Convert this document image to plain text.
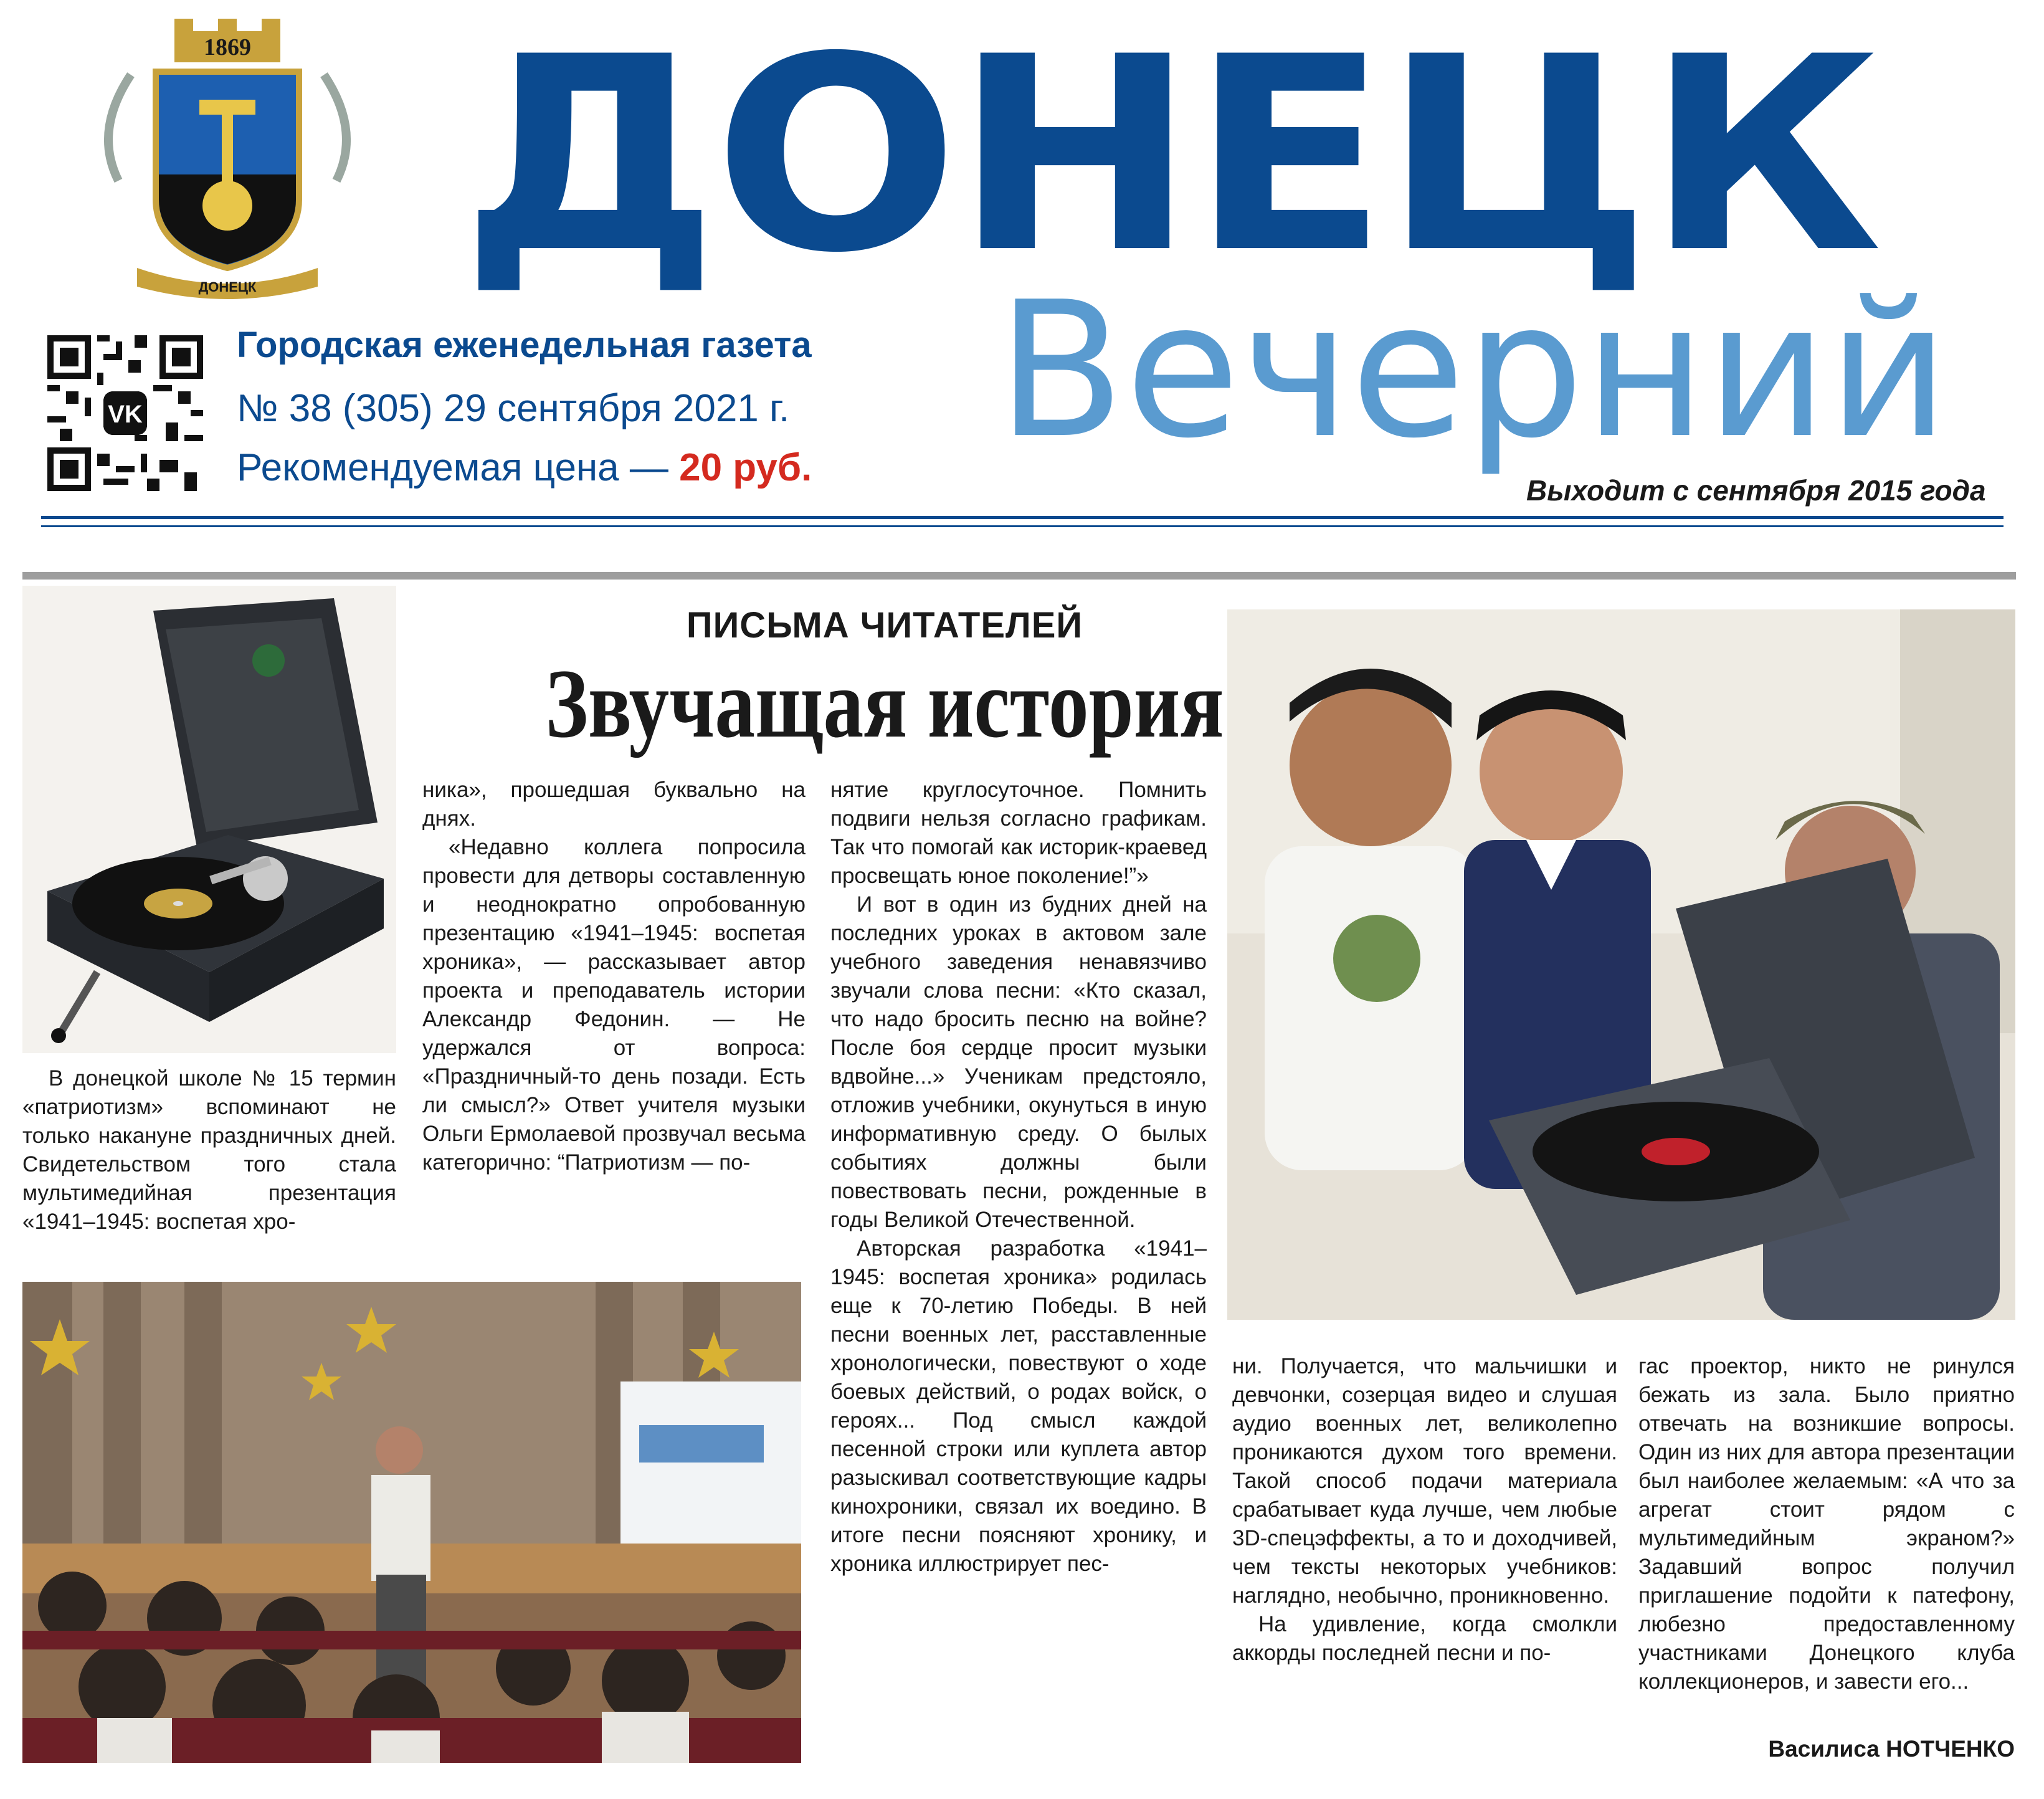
1869
ДОНЕЦК ДОНЕЦК
Вечерний
VK
Городская еженедельная газета
№ 38 (305) 29 сентября 2021 г.
Рекомендуемая цена — 20 руб.
Выходит с сентября 2015 года
ПИСЬМА ЧИТАТЕЛЕЙ
Звучащая история

В донецкой школе № 15 термин «патриотизм» вспоминают не только накануне праздничных дней. Свидетельством того стала мультимедийная презентация «1941–1945: воспетая хро-

ника», прошедшая буквально на днях.

«Недавно коллега попросила провести для детворы составленную и неоднократно опробованную презентацию «1941–1945: воспетая хроника», — рассказывает автор проекта и преподаватель истории Александр Федонин. — Не удержался от вопроса: «Праздничный-то день позади. Есть ли смысл?» Ответ учителя музыки Ольги Ермолаевой прозвучал весьма категорично: “Патриотизм — по-

нятие круглосуточное. Помнить подвиги нельзя согласно графикам. Так что помогай как историк-краевед просвещать юное поколение!”»

И вот в один из будних дней на последних уроках в актовом зале учебного заведения ненавязчиво звучали слова песни: «Кто сказал, что надо бросить песню на войне? После боя сердце просит музыки вдвойне...» Ученикам предстояло, отложив учебники, окунуться в иную информативную среду. О былых событиях должны были повествовать песни, рожденные в годы Великой Отечественной.

Авторская разработка «1941–1945: воспетая хроника» родилась еще к 70-летию Победы. В ней песни военных лет, расставленные хронологически, повествуют о ходе боевых действий, о родах войск, о героях... Под смысл каждой песенной строки или куплета автор разыскивал соответствующие кадры кинохроники, связал их воедино. В итоге песни поясняют хронику, и хроника иллюстрирует пес-

ни. Получается, что мальчишки и девчонки, созерцая видео и слушая аудио военных лет, великолепно проникаются духом того времени. Такой способ подачи материала срабатывает куда лучше, чем любые 3D-спецэффекты, а то и доходчивей, чем тексты некоторых учебников: наглядно, необычно, проникновенно.

На удивление, когда смолкли аккорды последней песни и по-

гас проектор, никто не ринулся бежать из зала. Было приятно отвечать на возникшие вопросы. Один из них для автора презентации был наиболее желаемым: «А что за агрегат стоит рядом с мультимедийным экраном?» Задавший вопрос получил приглашение подойти к патефону, любезно предоставленному участниками Донецкого клуба коллекционеров, и завести его...

Василиса НОТЧЕНКО
